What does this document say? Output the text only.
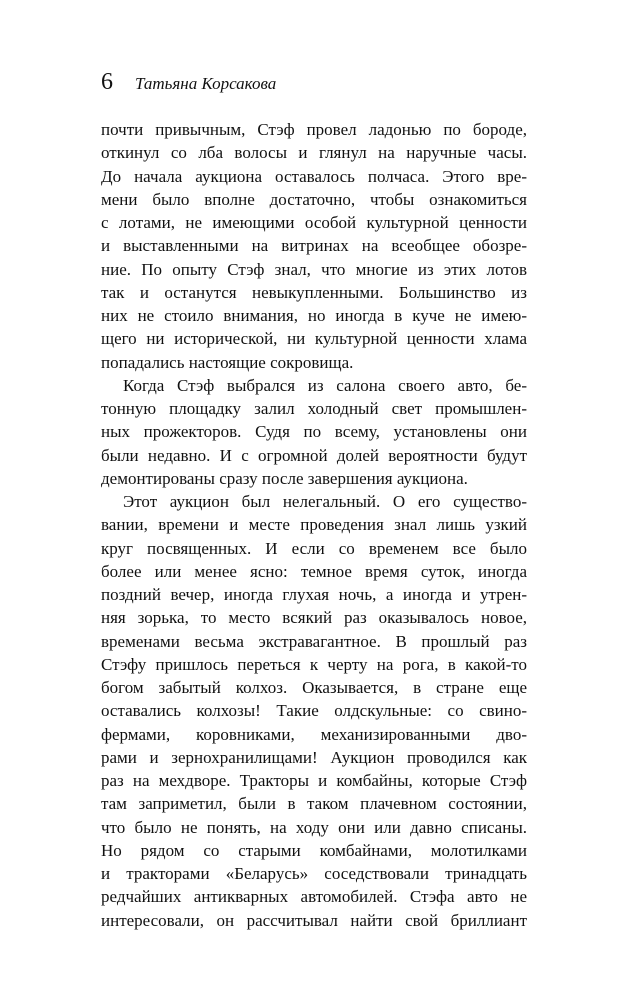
6 Татьяна Корсакова
почти привычным, Стэф провел ладонью по бороде,
откинул со лба волосы и глянул на наручные часы.
До начала аукциона оставалось полчаса. Этого вре-
мени было вполне достаточно, чтобы ознакомиться
с лотами, не имеющими особой культурной ценности
и выставленными на витринах на всеобщее обозре-
ние. По опыту Стэф знал, что многие из этих лотов
так и останутся невыкупленными. Большинство из
них не стоило внимания, но иногда в куче не имею-
щего ни исторической, ни культурной ценности хлама
попадались настоящие сокровища.
Когда Стэф выбрался из салона своего авто, бе-
тонную площадку залил холодный свет промышлен-
ных прожекторов. Судя по всему, установлены они
были недавно. И с огромной долей вероятности будут
демонтированы сразу после завершения аукциона.
Этот аукцион был нелегальный. О его существо-
вании, времени и месте проведения знал лишь узкий
круг посвященных. И если со временем все было
более или менее ясно: темное время суток, иногда
поздний вечер, иногда глухая ночь, а иногда и утрен-
няя зорька, то место всякий раз оказывалось новое,
временами весьма экстравагантное. В прошлый раз
Стэфу пришлось переться к черту на рога, в какой-то
богом забытый колхоз. Оказывается, в стране еще
оставались колхозы! Такие олдскульные: со свино-
фермами, коровниками, механизированными дво-
рами и зернохранилищами! Аукцион проводился как
раз на мехдворе. Тракторы и комбайны, которые Стэф
там заприметил, были в таком плачевном состоянии,
что было не понять, на ходу они или давно списаны.
Но рядом со старыми комбайнами, молотилками
и тракторами «Беларусь» соседствовали тринадцать
редчайших антикварных автомобилей. Стэфа авто не
интересовали, он рассчитывал найти свой бриллиант
